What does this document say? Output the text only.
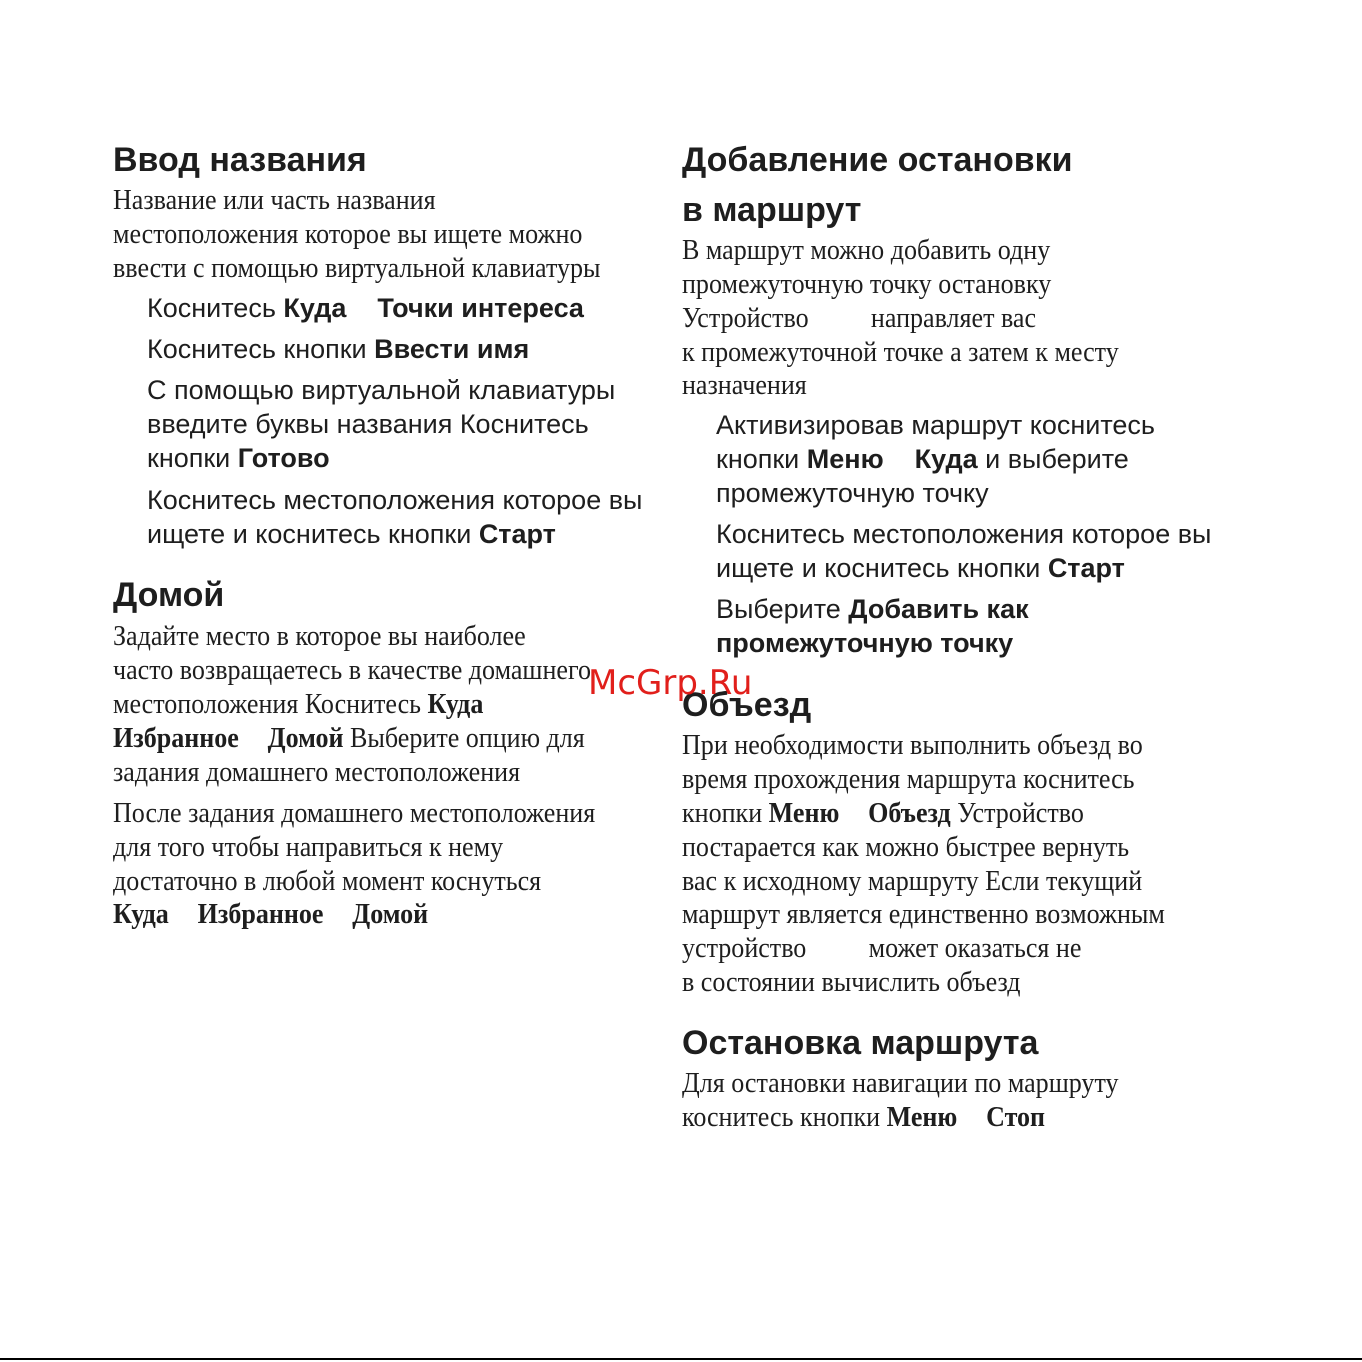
Ввод названия
Название или часть названия
местоположения которое вы ищете можно
ввести с помощью виртуальной клавиатуры
Коснитесь Куда Точки интереса
Коснитесь кнопки Ввести имя
С помощью виртуальной клавиатуры
введите буквы названия Коснитесь
кнопки Готово
Коснитесь местоположения которое вы
ищете и коснитесь кнопки Старт
Домой
Задайте место в которое вы наиболее
часто возвращаетесь в качестве домашнего
местоположения Коснитесь Куда
Избранное Домой Выберите опцию для
задания домашнего местоположения
После задания домашнего местоположения
для того чтобы направиться к нему
достаточно в любой момент коснуться
Куда Избранное Домой
Добавление остановки
в маршрут
В маршрут можно добавить одну
промежуточную точку остановку
Устройство направляет вас
к промежуточной точке а затем к месту
назначения
Активизировав маршрут коснитесь
кнопки Меню Куда и выберите
промежуточную точку
Коснитесь местоположения которое вы
ищете и коснитесь кнопки Старт
Выберите Добавить как
промежуточную точку
Объезд
При необходимости выполнить объезд во
время прохождения маршрута коснитесь
кнопки Меню Объезд Устройство
постарается как можно быстрее вернуть
вас к исходному маршруту Если текущий
маршрут является единственно возможным
устройство может оказаться не
в состоянии вычислить объезд
Остановка маршрута
Для остановки навигации по маршруту
коснитесь кнопки Меню Стоп
McGrp.Ru
